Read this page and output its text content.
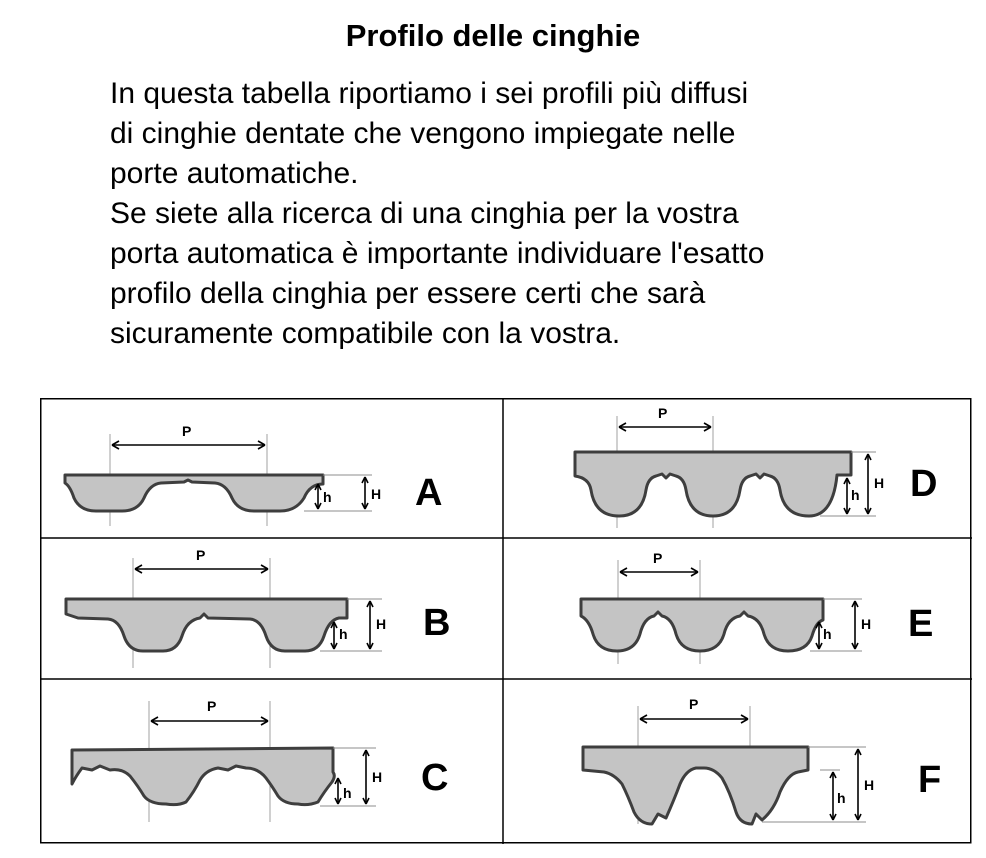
Profilo delle cinghie

In questa tabella riportiamo i sei profili più diffusi

di cinghie dentate che vengono impiegate nelle

porte automatiche.

Se siete alla ricerca di una cinghia per la vostra

porta automatica è importante individuare l'esatto

profilo della cinghia per essere certi che sarà

sicuramente compatibile con la vostra.

P
h	H A
P
h
H D
P
h
H B
P
h
H E
P
h
H C
P
h
H F
